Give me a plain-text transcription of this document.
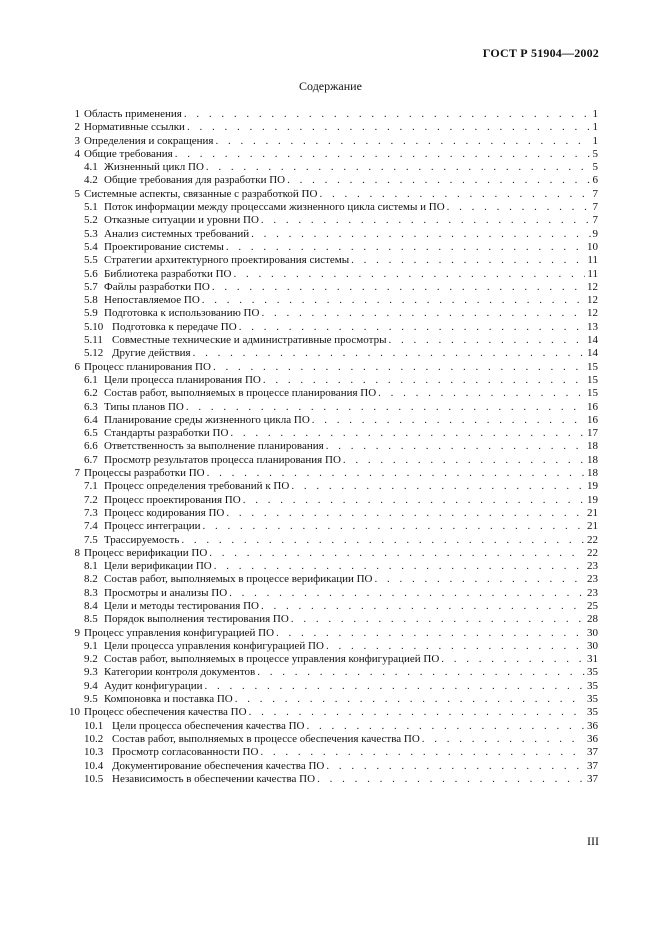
ГОСТ Р 51904—2002
Содержание
1 Область применения . . .	1
2 Нормативные ссылки . . .	1
3 Определения и сокращения . . .	1
4 Общие требования . . .	5
4.1 Жизненный цикл ПО . . .	5
4.2 Общие требования для разработки ПО . . .	6
5 Системные аспекты, связанные с разработкой ПО . . .	7
5.1 Поток информации между процессами жизненного цикла системы и ПО . . .	7
5.2 Отказные ситуации и уровни ПО . . .	7
5.3 Анализ системных требований . . .	9
5.4 Проектирование системы . . .	10
5.5 Стратегии архитектурного проектирования системы . . .	11
5.6 Библиотека разработки ПО . . .	11
5.7 Файлы разработки ПО . . .	12
5.8 Непоставляемое ПО . . .	12
5.9 Подготовка к использованию ПО . . .	12
5.10 Подготовка к передаче ПО . . .	13
5.11 Совместные технические и административные просмотры . . .	14
5.12 Другие действия . . .	14
6 Процесс планирования ПО . . .	15
6.1 Цели процесса планирования ПО . . .	15
6.2 Состав работ, выполняемых в процессе планирования ПО . . .	15
6.3 Типы планов ПО . . .	16
6.4 Планирование среды жизненного цикла ПО . . .	16
6.5 Стандарты разработки ПО . . .	17
6.6 Ответственность за выполнение планирования . . .	18
6.7 Просмотр результатов процесса планирования ПО . . .	18
7 Процессы разработки ПО . . .	18
7.1 Процесс определения требований к ПО . . .	19
7.2 Процесс проектирования ПО . . .	19
7.3 Процесс кодирования ПО . . .	21
7.4 Процесс интеграции . . .	21
7.5 Трассируемость . . .	22
8 Процесс верификации ПО . . .	22
8.1 Цели верификации ПО . . .	23
8.2 Состав работ, выполняемых в процессе верификации ПО . . .	23
8.3 Просмотры и анализы ПО . . .	23
8.4 Цели и методы тестирования ПО . . .	25
8.5 Порядок выполнения тестирования ПО . . .	28
9 Процесс управления конфигурацией ПО . . .	30
9.1 Цели процесса управления конфигурацией ПО . . .	30
9.2 Состав работ, выполняемых в процессе управления конфигурацией ПО . . .	31
9.3 Категории контроля документов . . .	35
9.4 Аудит конфигурации . . .	35
9.5 Компоновка и поставка ПО . . .	35
10 Процесс обеспечения качества ПО . . .	35
10.1 Цели процесса обеспечения качества ПО . . .	36
10.2 Состав работ, выполняемых в процессе обеспечения качества ПО . . .	36
10.3 Просмотр согласованности ПО . . .	37
10.4 Документирование обеспечения качества ПО . . .	37
10.5 Независимость в обеспечении качества ПО . . .	37
III
